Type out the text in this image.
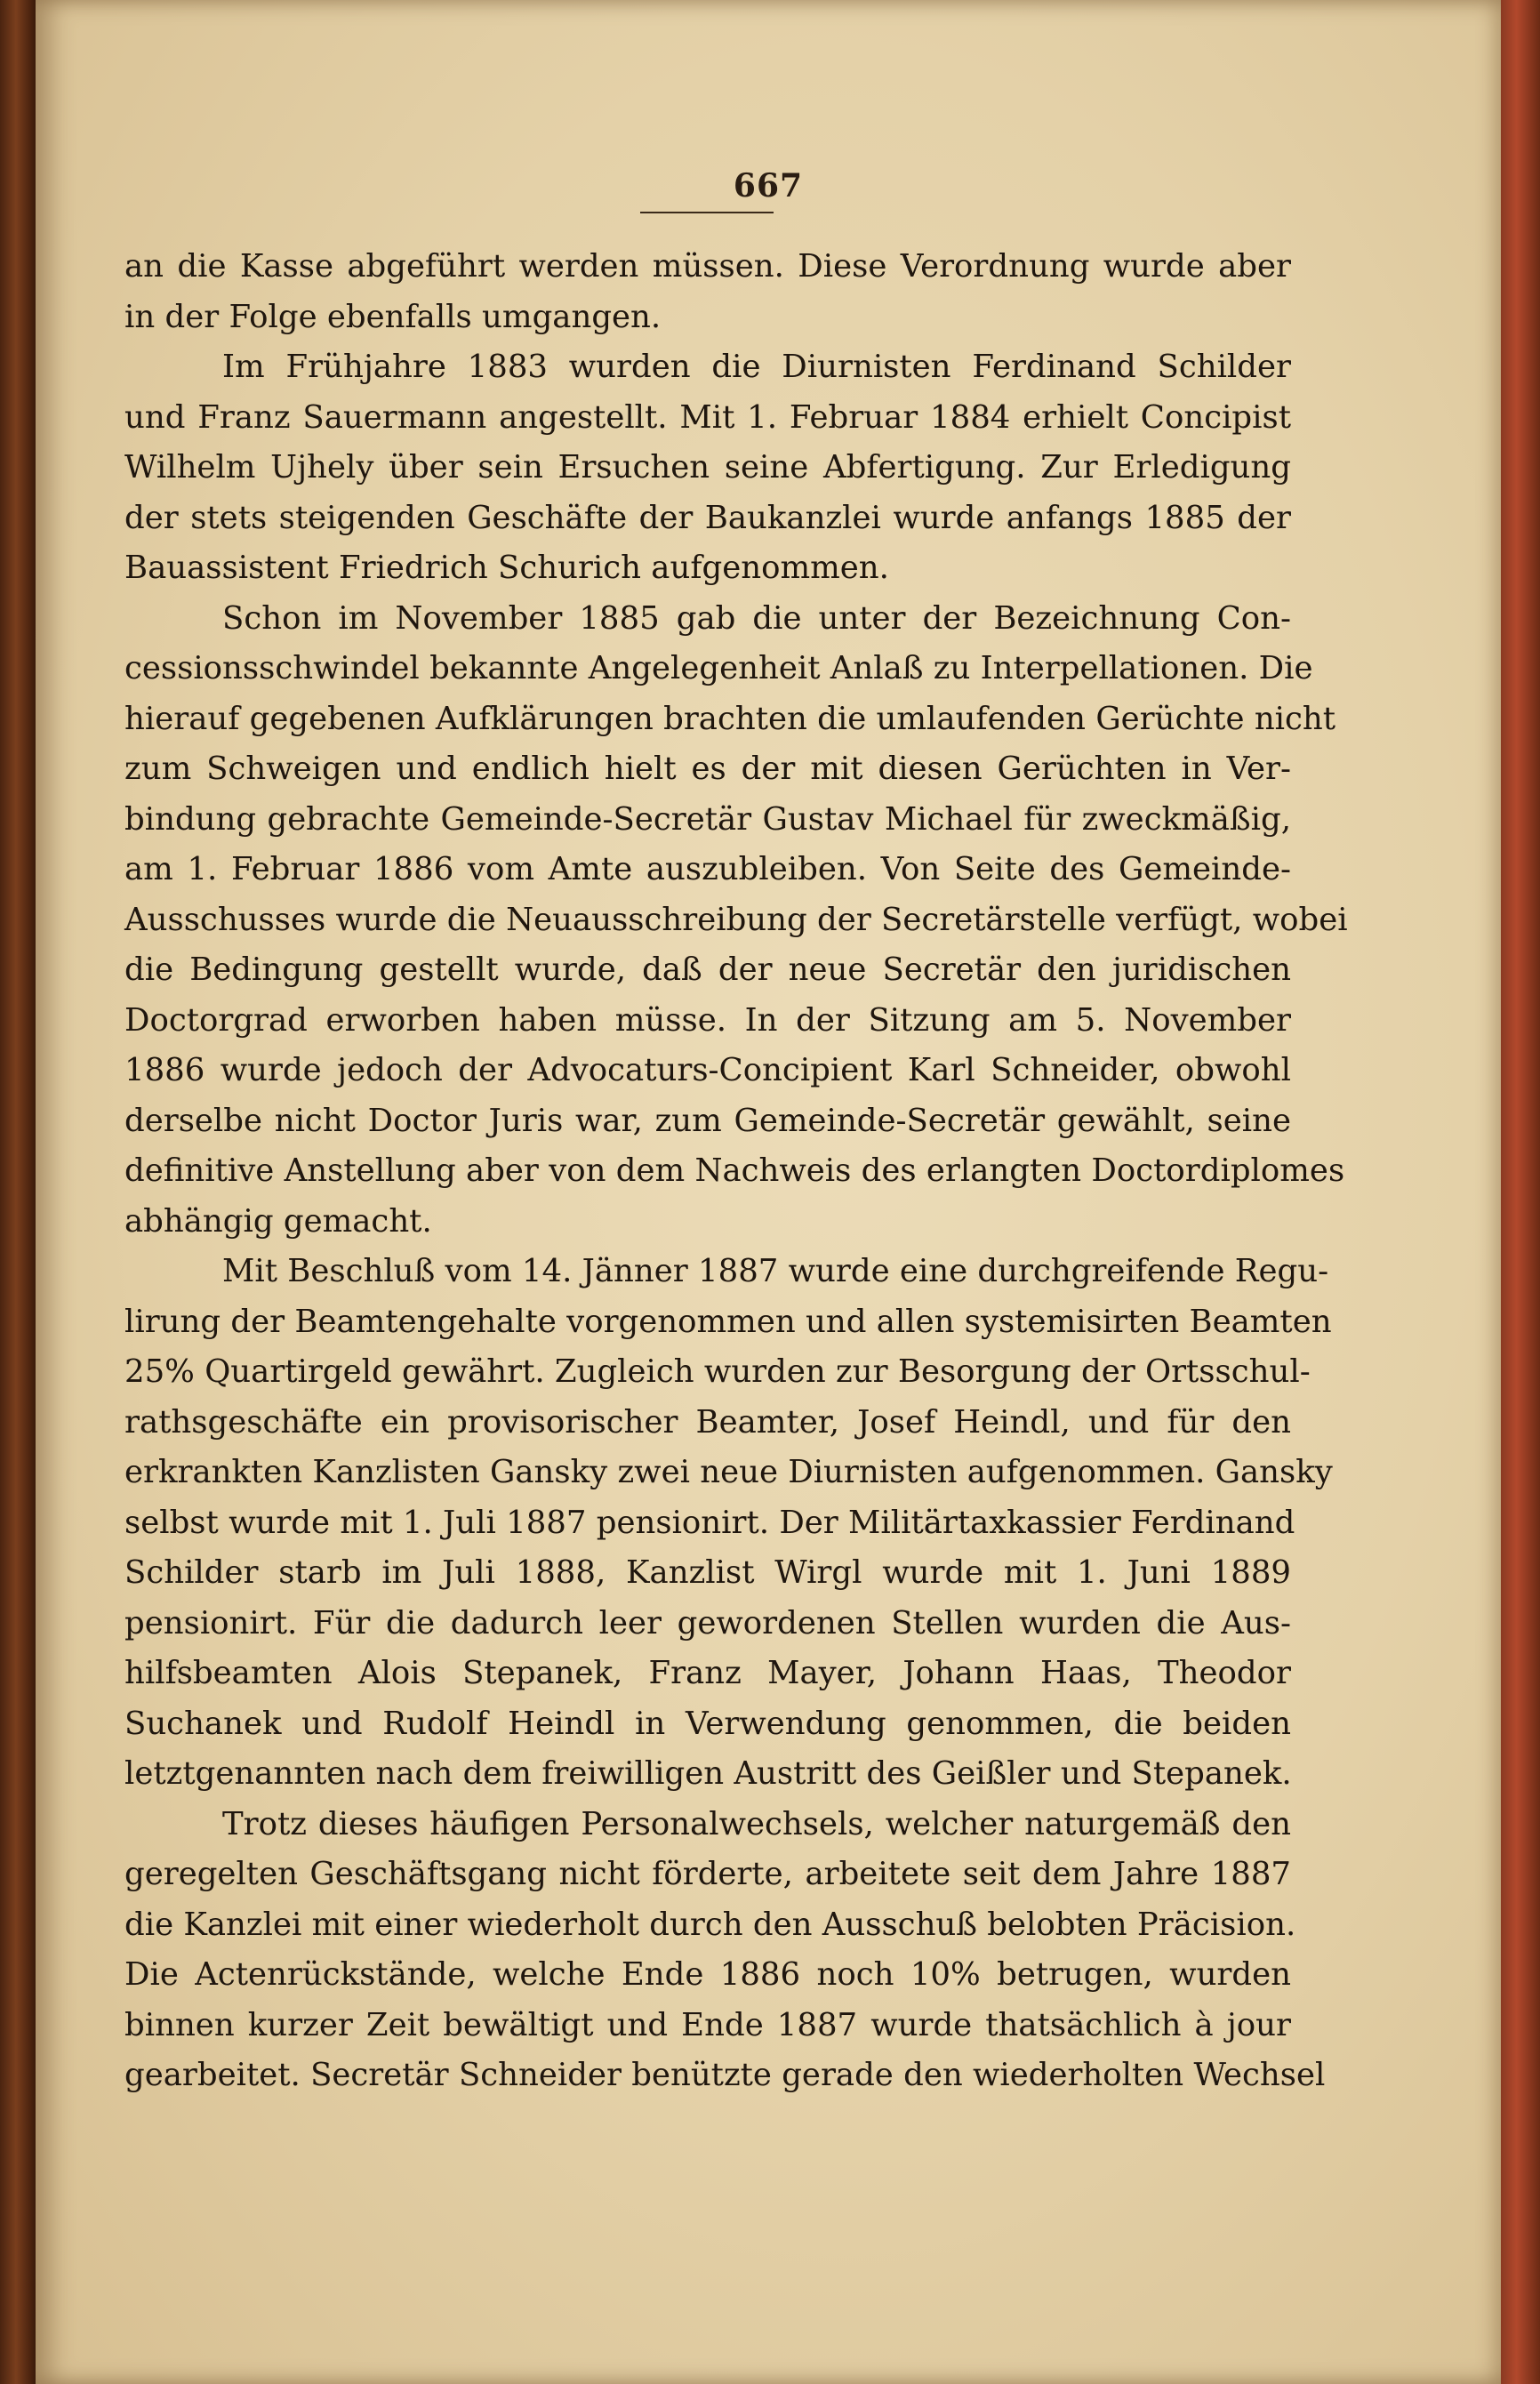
667
an die Kasse abgeführt werden müssen. Diese Verordnung wurde aber
in der Folge ebenfalls umgangen.
Im Frühjahre 1883 wurden die Diurnisten Ferdinand Schilder
und Franz Sauermann angestellt. Mit 1. Februar 1884 erhielt Concipist
Wilhelm Ujhely über sein Ersuchen seine Abfertigung. Zur Erledigung
der stets steigenden Geschäfte der Baukanzlei wurde anfangs 1885 der
Bauassistent Friedrich Schurich aufgenommen.
Schon im November 1885 gab die unter der Bezeichnung Con-
cessionsschwindel bekannte Angelegenheit Anlaß zu Interpellationen. Die
hierauf gegebenen Aufklärungen brachten die umlaufenden Gerüchte nicht
zum Schweigen und endlich hielt es der mit diesen Gerüchten in Ver-
bindung gebrachte Gemeinde-Secretär Gustav Michael für zweckmäßig,
am 1. Februar 1886 vom Amte auszubleiben. Von Seite des Gemeinde-
Ausschusses wurde die Neuausschreibung der Secretärstelle verfügt, wobei
die Bedingung gestellt wurde, daß der neue Secretär den juridischen
Doctorgrad erworben haben müsse. In der Sitzung am 5. November
1886 wurde jedoch der Advocaturs-Concipient Karl Schneider, obwohl
derselbe nicht Doctor Juris war, zum Gemeinde-Secretär gewählt, seine
definitive Anstellung aber von dem Nachweis des erlangten Doctordiplomes
abhängig gemacht.
Mit Beschluß vom 14. Jänner 1887 wurde eine durchgreifende Regu-
lirung der Beamtengehalte vorgenommen und allen systemisirten Beamten
25% Quartirgeld gewährt. Zugleich wurden zur Besorgung der Ortsschul-
rathsgeschäfte ein provisorischer Beamter, Josef Heindl, und für den
erkrankten Kanzlisten Gansky zwei neue Diurnisten aufgenommen. Gansky
selbst wurde mit 1. Juli 1887 pensionirt. Der Militärtaxkassier Ferdinand
Schilder starb im Juli 1888, Kanzlist Wirgl wurde mit 1. Juni 1889
pensionirt. Für die dadurch leer gewordenen Stellen wurden die Aus-
hilfsbeamten Alois Stepanek, Franz Mayer, Johann Haas, Theodor
Suchanek und Rudolf Heindl in Verwendung genommen, die beiden
letztgenannten nach dem freiwilligen Austritt des Geißler und Stepanek.
Trotz dieses häufigen Personalwechsels, welcher naturgemäß den
geregelten Geschäftsgang nicht förderte, arbeitete seit dem Jahre 1887
die Kanzlei mit einer wiederholt durch den Ausschuß belobten Präcision.
Die Actenrückstände, welche Ende 1886 noch 10% betrugen, wurden
binnen kurzer Zeit bewältigt und Ende 1887 wurde thatsächlich à jour
gearbeitet. Secretär Schneider benützte gerade den wiederholten Wechsel
